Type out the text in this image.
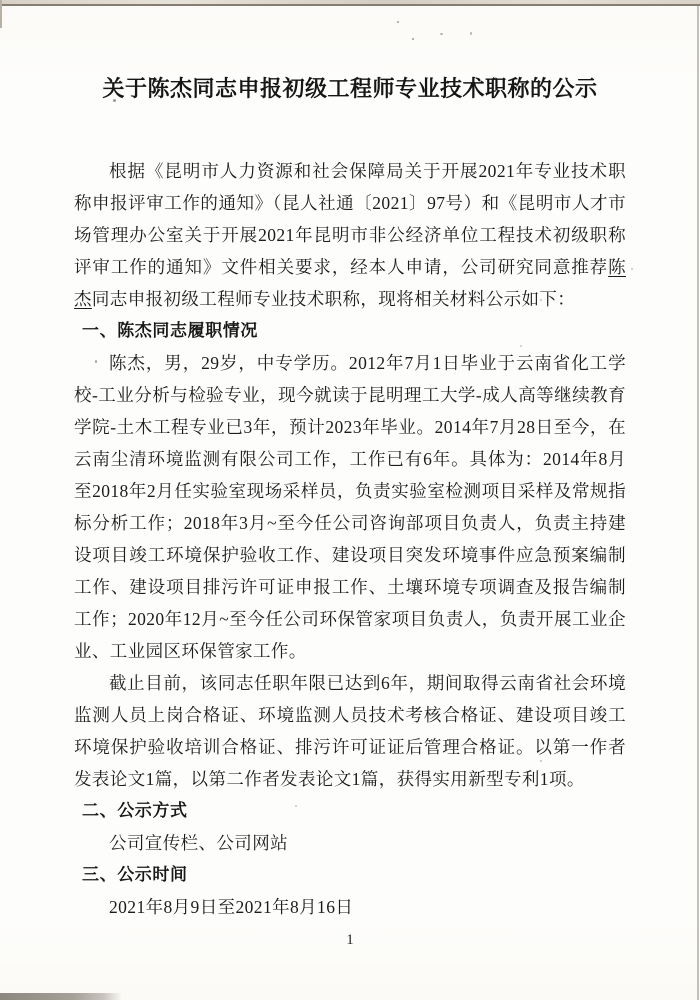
关于陈杰同志申报初级工程师专业技术职称的公示

根据《昆明市人力资源和社会保障局关于开展2021年专业技术职称申报评审工作的通知》（昆人社通〔2021〕97号）和《昆明市人才市场管理办公室关于开展2021年昆明市非公经济单位工程技术初级职称评审工作的通知》文件相关要求，经本人申请，公司研究同意推荐陈杰同志申报初级工程师专业技术职称，现将相关材料公示如下：

一、陈杰同志履职情况

陈杰，男，29岁，中专学历。2012年7月1日毕业于云南省化工学校-工业分析与检验专业，现今就读于昆明理工大学-成人高等继续教育学院-土木工程专业已3年，预计2023年毕业。2014年7月28日至今，在云南尘清环境监测有限公司工作，工作已有6年。具体为：2014年8月至2018年2月任实验室现场采样员，负责实验室检测项目采样及常规指标分析工作；2018年3月~至今任公司咨询部项目负责人，负责主持建设项目竣工环境保护验收工作、建设项目突发环境事件应急预案编制工作、建设项目排污许可证申报工作、土壤环境专项调查及报告编制工作；2020年12月~至今任公司环保管家项目负责人，负责开展工业企业、工业园区环保管家工作。

截止目前，该同志任职年限已达到6年，期间取得云南省社会环境监测人员上岗合格证、环境监测人员技术考核合格证、建设项目竣工环境保护验收培训合格证、排污许可证证后管理合格证。以第一作者发表论文1篇，以第二作者发表论文1篇，获得实用新型专利1项。

二、公示方式

公司宣传栏、公司网站

三、公示时间

2021年8月9日至2021年8月16日

1
